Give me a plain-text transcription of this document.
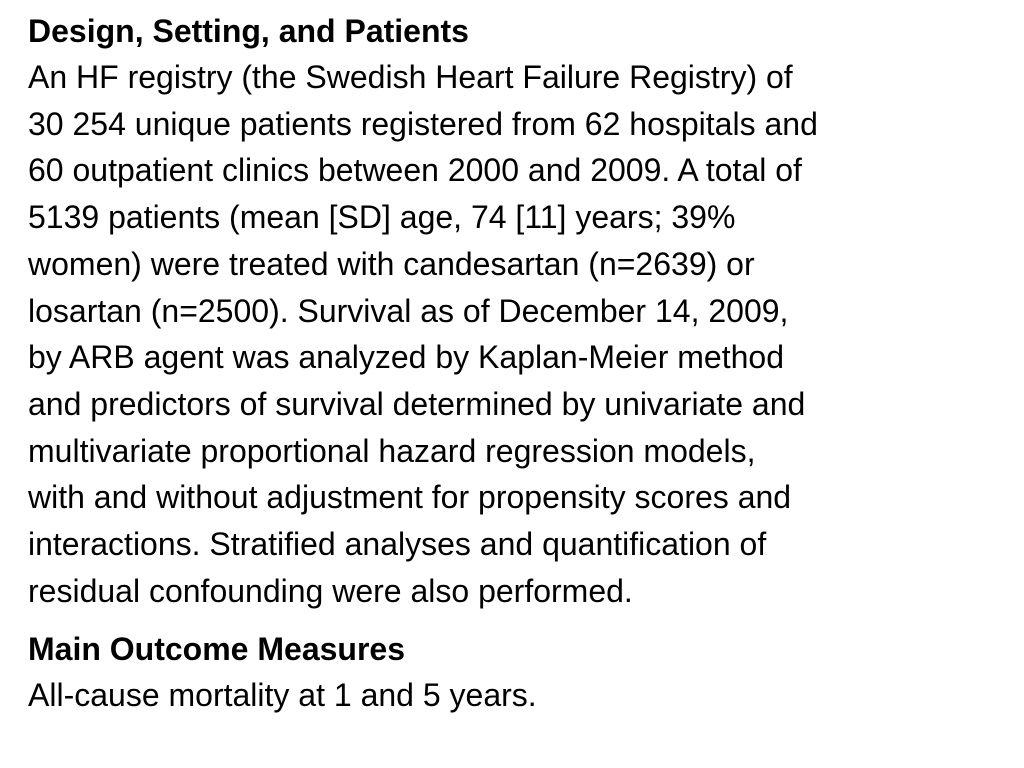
Design, Setting, and Patients

An HF registry (the Swedish Heart Failure Registry) of
30 254 unique patients registered from 62 hospitals and
60 outpatient clinics between 2000 and 2009. A total of
5139 patients (mean [SD] age, 74 [11] years; 39%
women) were treated with candesartan (n=2639) or
losartan (n=2500). Survival as of December 14, 2009,
by ARB agent was analyzed by Kaplan-Meier method
and predictors of survival determined by univariate and
multivariate proportional hazard regression models,
with and without adjustment for propensity scores and
interactions. Stratified analyses and quantification of
residual confounding were also performed.

Main Outcome Measures

All-cause mortality at 1 and 5 years.
